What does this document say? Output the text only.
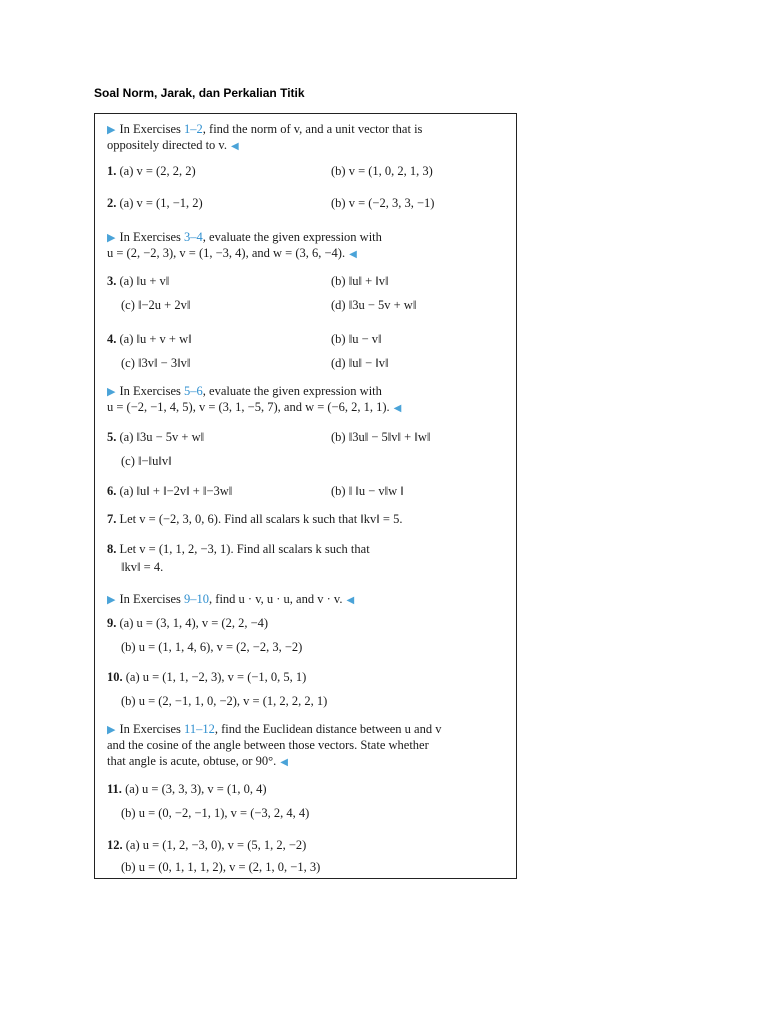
Soal Norm, Jarak, dan Perkalian Titik
▶ In Exercises 1–2, find the norm of v, and a unit vector that is
oppositely directed to v. ◀
1. (a) v = (2, 2, 2)	(b) v = (1, 0, 2, 1, 3)
2. (a) v = (1, −1, 2)	(b) v = (−2, 3, 3, −1)
▶ In Exercises 3–4, evaluate the given expression with
u = (2, −2, 3), v = (1, −3, 4), and w = (3, 6, −4). ◀
3. (a) ‖u + v‖	(b) ‖u‖ + ‖v‖
(c) ‖−2u + 2v‖	(d) ‖3u − 5v + w‖
4. (a) ‖u + v + w‖	(b) ‖u − v‖
(c) ‖3v‖ − 3‖v‖	(d) ‖u‖ − ‖v‖
▶ In Exercises 5–6, evaluate the given expression with
u = (−2, −1, 4, 5), v = (3, 1, −5, 7), and w = (−6, 2, 1, 1). ◀
5. (a) ‖3u − 5v + w‖	(b) ‖3u‖ − 5‖v‖ + ‖w‖
(c) ‖−‖u‖v‖
6. (a) ‖u‖ + ‖−2v‖ + ‖−3w‖	(b) ‖ ‖u − v‖w ‖
7. Let v = (−2, 3, 0, 6). Find all scalars k such that ‖kv‖ = 5.
8. Let v = (1, 1, 2, −3, 1). Find all scalars k such that
‖kv‖ = 4.
▶ In Exercises 9–10, find u · v, u · u, and v · v. ◀
9. (a) u = (3, 1, 4), v = (2, 2, −4)
(b) u = (1, 1, 4, 6), v = (2, −2, 3, −2)
10. (a) u = (1, 1, −2, 3), v = (−1, 0, 5, 1)
(b) u = (2, −1, 1, 0, −2), v = (1, 2, 2, 2, 1)
▶ In Exercises 11–12, find the Euclidean distance between u and v
and the cosine of the angle between those vectors. State whether
that angle is acute, obtuse, or 90°. ◀
11. (a) u = (3, 3, 3), v = (1, 0, 4)
(b) u = (0, −2, −1, 1), v = (−3, 2, 4, 4)
12. (a) u = (1, 2, −3, 0), v = (5, 1, 2, −2)
(b) u = (0, 1, 1, 1, 2), v = (2, 1, 0, −1, 3)
